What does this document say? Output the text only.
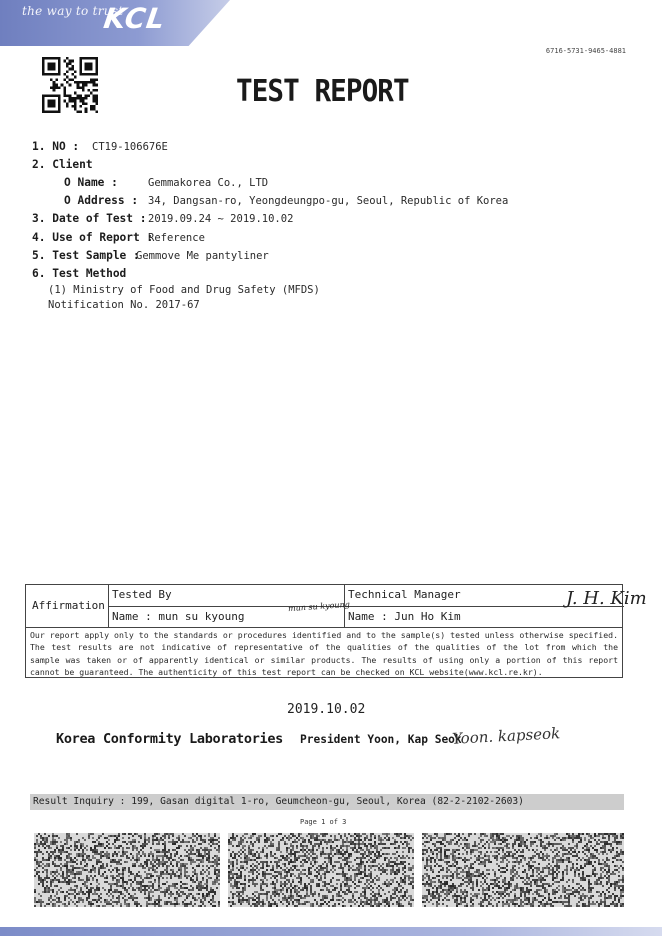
the way to trust
KCL
6716-5731-9465-4881
TEST REPORT
1. NO : CT19-106676E
2. Client
O Name :	Gemmakorea Co., LTD
O Address : 34, Dangsan-ro, Yeongdeungpo-gu, Seoul, Republic of Korea
3. Date of Test : 2019.09.24 ~ 2019.10.02
4. Use of Report :
Reference
5. Test Sample :
Gemmove Me pantyliner
6. Test Method
(1) Ministry of Food and Drug Safety (MFDS)
Notification No. 2017-67
Affirmation
Tested By
Name : mun su kyoung
mun su kyoung
Technical Manager
Name : Jun Ho Kim
J. H. Kim
Our report apply only to the standards or procedures identified and to the sample(s) tested unless otherwise specified. The test results are not indicative of representative of the qualities of the qualities of the lot from which the sample was taken or of apparently identical or similar products. The results of using only a portion of this report cannot be guaranteed. The authenticity of this test report can be checked on KCL website(www.kcl.re.kr).
2019.10.02
Korea Conformity Laboratories President Yoon, Kap Seok
Yoon. kapseok
Result Inquiry : 199, Gasan digital 1-ro, Geumcheon-gu, Seoul, Korea (82-2-2102-2603)
Page 1 of 3
